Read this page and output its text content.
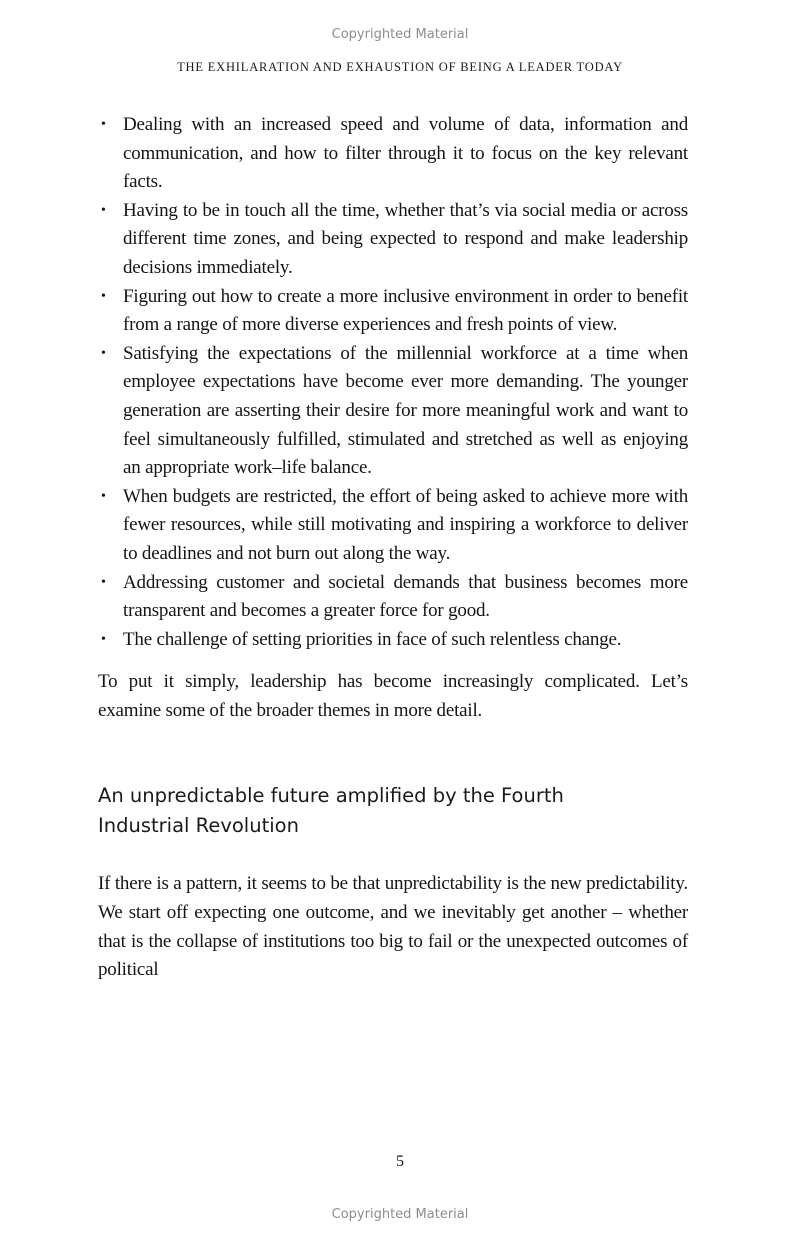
Copyrighted Material
THE EXHILARATION AND EXHAUSTION OF BEING A LEADER TODAY
• Dealing with an increased speed and volume of data, information and communication, and how to filter through it to focus on the key relevant facts.
• Having to be in touch all the time, whether that’s via social media or across different time zones, and being expected to respond and make leadership decisions immediately.
• Figuring out how to create a more inclusive environment in order to benefit from a range of more diverse experiences and fresh points of view.
• Satisfying the expectations of the millennial workforce at a time when employee expectations have become ever more demanding. The younger generation are asserting their desire for more meaningful work and want to feel simultaneously fulfilled, stimulated and stretched as well as enjoying an appropriate work–life balance.
• When budgets are restricted, the effort of being asked to achieve more with fewer resources, while still motivating and inspiring a workforce to deliver to deadlines and not burn out along the way.
• Addressing customer and societal demands that business becomes more transparent and becomes a greater force for good.
• The challenge of setting priorities in face of such relentless change.

To put it simply, leadership has become increasingly complicated. Let’s examine some of the broader themes in more detail.

An unpredictable future amplified by the Fourth Industrial Revolution

If there is a pattern, it seems to be that unpredictability is the new predictability. We start off expecting one outcome, and we inevitably get another – whether that is the collapse of institutions too big to fail or the unexpected outcomes of political

5
Copyrighted Material
